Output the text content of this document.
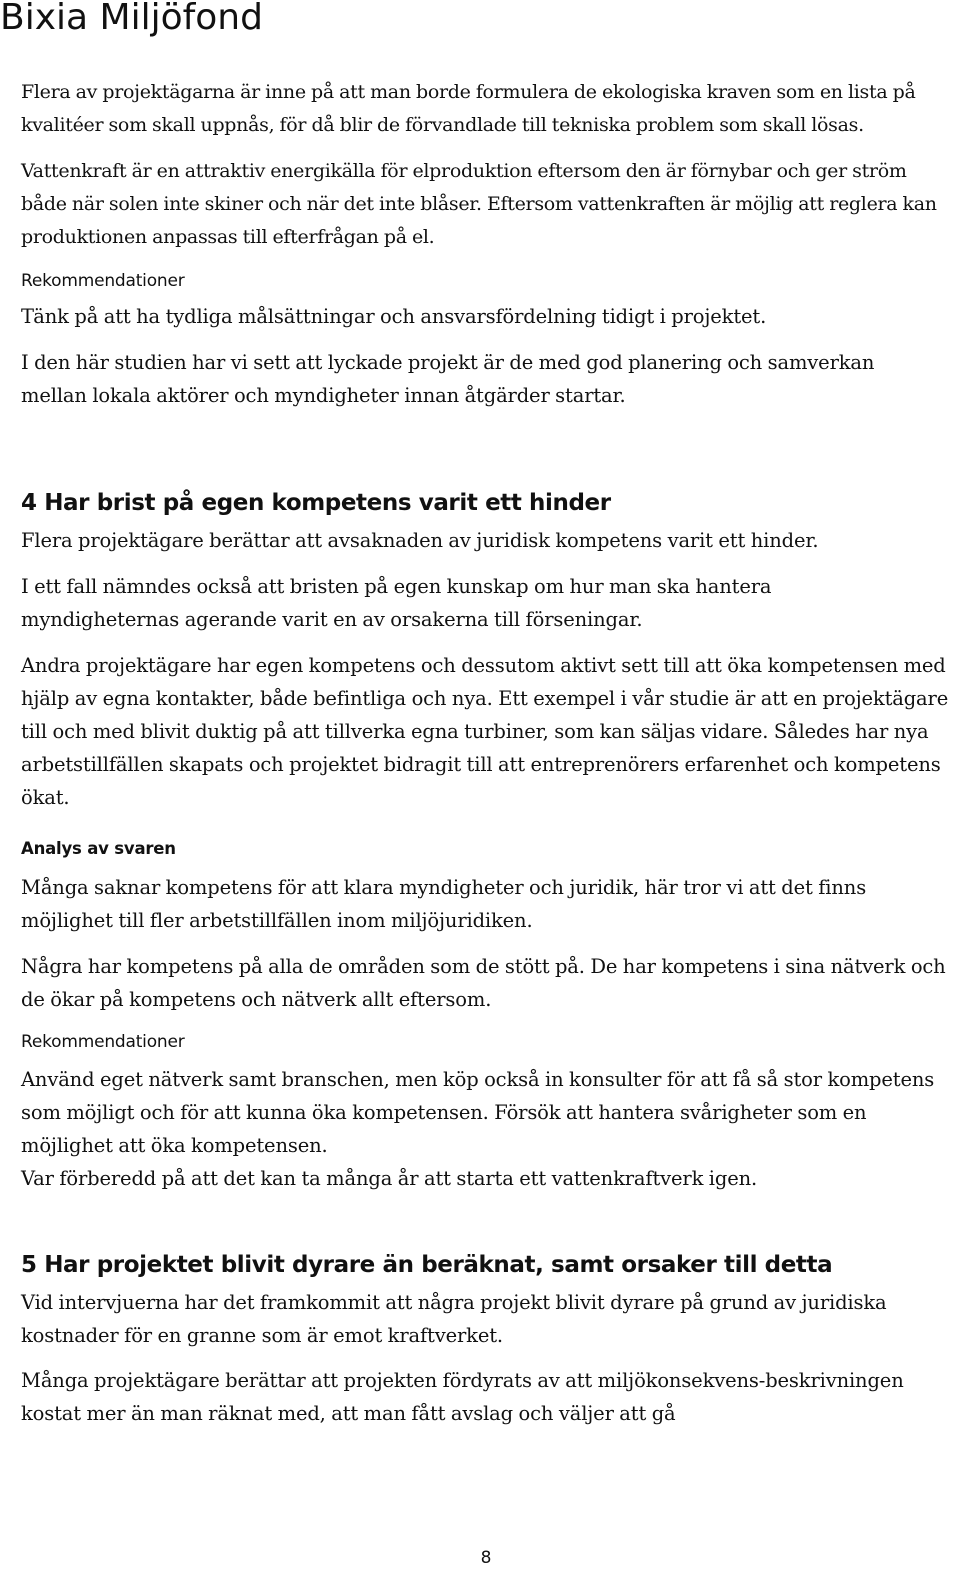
Bixia Miljöfond

Flera av projektägarna är inne på att man borde formulera de ekologiska kraven som en lista på kvalitéer som skall uppnås, för då blir de förvandlade till tekniska problem som skall lösas.

Vattenkraft är en attraktiv energikälla för elproduktion eftersom den är förnybar och ger ström både när solen inte skiner och när det inte blåser. Eftersom vattenkraften är möjlig att reglera kan produktionen anpassas till efterfrågan på el.

Rekommendationer

Tänk på att ha tydliga målsättningar och ansvarsfördelning tidigt i projektet.

I den här studien har vi sett att lyckade projekt är de med god planering och samverkan mellan lokala aktörer och myndigheter innan åtgärder startar.

4 Har brist på egen kompetens varit ett hinder

Flera projektägare berättar att avsaknaden av juridisk kompetens varit ett hinder.

I ett fall nämndes också att bristen på egen kunskap om hur man ska hantera myndigheternas agerande varit en av orsakerna till förseningar.

Andra projektägare har egen kompetens och dessutom aktivt sett till att öka kompetensen med hjälp av egna kontakter, både befintliga och nya. Ett exempel i vår studie är att en projektägare till och med blivit duktig på att tillverka egna turbiner, som kan säljas vidare. Således har nya arbetstillfällen skapats och projektet bidragit till att entreprenörers erfarenhet och kompetens ökat.

Analys av svaren

Många saknar kompetens för att klara myndigheter och juridik, här tror vi att det finns möjlighet till fler arbetstillfällen inom miljöjuridiken.

Några har kompetens på alla de områden som de stött på. De har kompetens i sina nätverk och de ökar på kompetens och nätverk allt eftersom.

Rekommendationer

Använd eget nätverk samt branschen, men köp också in konsulter för att få så stor kompetens som möjligt och för att kunna öka kompetensen. Försök att hantera svårigheter som en möjlighet att öka kompetensen.

Var förberedd på att det kan ta många år att starta ett vattenkraftverk igen.

5 Har projektet blivit dyrare än beräknat, samt orsaker till detta

Vid intervjuerna har det framkommit att några projekt blivit dyrare på grund av juridiska kostnader för en granne som är emot kraftverket.

Många projektägare berättar att projekten fördyrats av att miljökonsekvens-beskrivningen kostat mer än man räknat med, att man fått avslag och väljer att gå

8
